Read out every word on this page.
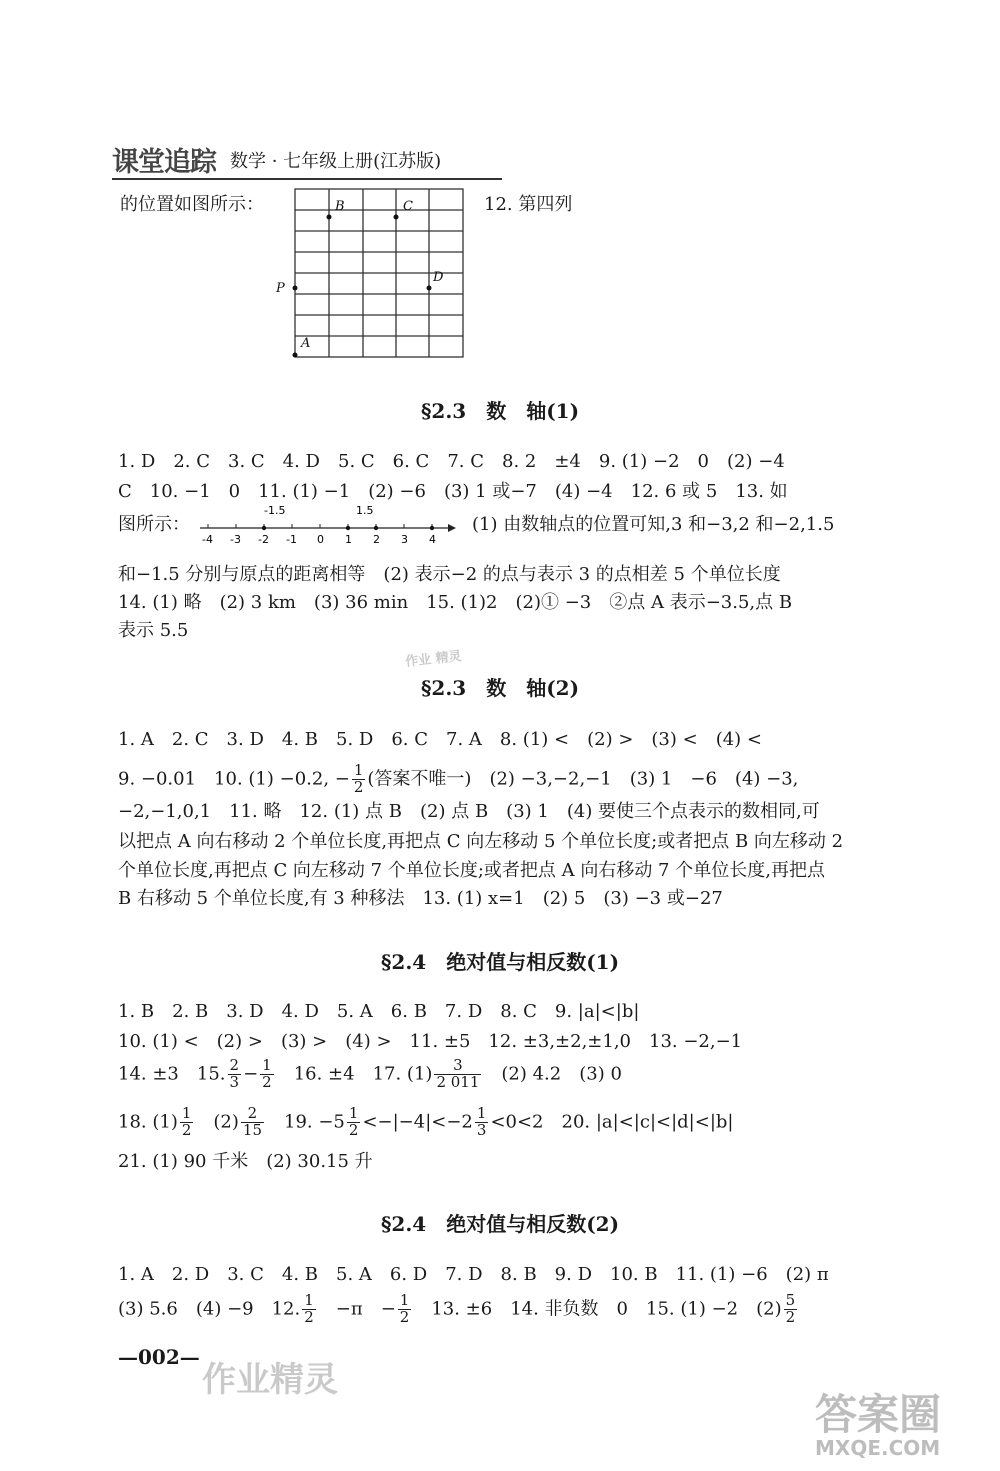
课堂追踪 数学 · 七年级上册(江苏版)
的位置如图所示：	B	C
D
P
A
12. 第四列
§2.3　数　轴(1)
1. D　2. C　3. C　4. D　5. C　6. C　7. C　8. 2　±4　9. (1) −2　0　(2) −4
C　10. −1　0　11. (1) −1　(2) −6　(3) 1 或−7　(4) −4　12. 6 或 5　13. 如
图所示：
-4 -3 -2 -1 0 1 2 3 4
-1.5	1.5
(1) 由数轴点的位置可知,3 和−3,2 和−2,1.5
和−1.5 分别与原点的距离相等　(2) 表示−2 的点与表示 3 的点相差 5 个单位长度
14. (1) 略　(2) 3 km　(3) 36 min　15. (1)2　(2)① −3　②点 A 表示−3.5,点 B
表示 5.5
作业 精灵
§2.3　数　轴(2)
1. A　2. C　3. D　4. B　5. D　6. C　7. A　8. (1) <　(2) >　(3) <　(4) <
9. −0.01　10. (1) −0.2, − $\frac{1}{2}$ (答案不唯一)　(2) −3,−2,−1　(3) 1　−6　(4) −3,
−2,−1,0,1　11. 略　12. (1) 点 B　(2) 点 B　(3) 1　(4) 要使三个点表示的数相同,可
以把点 A 向右移动 2 个单位长度,再把点 C 向左移动 5 个单位长度;或者把点 B 向左移动 2
个单位长度,再把点 C 向左移动 7 个单位长度;或者把点 A 向右移动 7 个单位长度,再把点
B 右移动 5 个单位长度,有 3 种移法　13. (1) x=1　(2) 5　(3) −3 或−27
§2.4　绝对值与相反数(1)
1. B　2. B　3. D　4. D　5. A　6. B　7. D　8. C　9. |a|<|b|
10. (1) <　(2) >　(3) >　(4) >　11. ±5　12. ±3,±2,±1,0　13. −2,−1
14. ±3　15. $\frac{2}{3} - \frac{1}{2}$
　 16. ±4　17. $(1) \frac{3}{2 011}$
　 (2) 4.2　(3) 0
18. $(1) \frac{1}{2}$
　 $(2) \frac{2}{15}$
　 19. $-5 \frac{1}{2} <-|-4|<-2 \frac{1}{3} <0<2$　20. |a|<|c|<|d|<|b|
21. (1) 90 千米　(2) 30.15 升
§2.4　绝对值与相反数(2)
1. A　2. D　3. C　4. B　5. A　6. D　7. D　8. B　9. D　10. B　11. (1) −6　(2) π
(3) 5.6　(4) −9　12. $\frac{1}{2}$
　 −π　− $\frac{1}{2}$
　 13. ±6　14. 非负数　0　15. (1) −2　$(2) \frac{5}{2}$
—002—
作业精灵
答案圈
MXQE.COM
